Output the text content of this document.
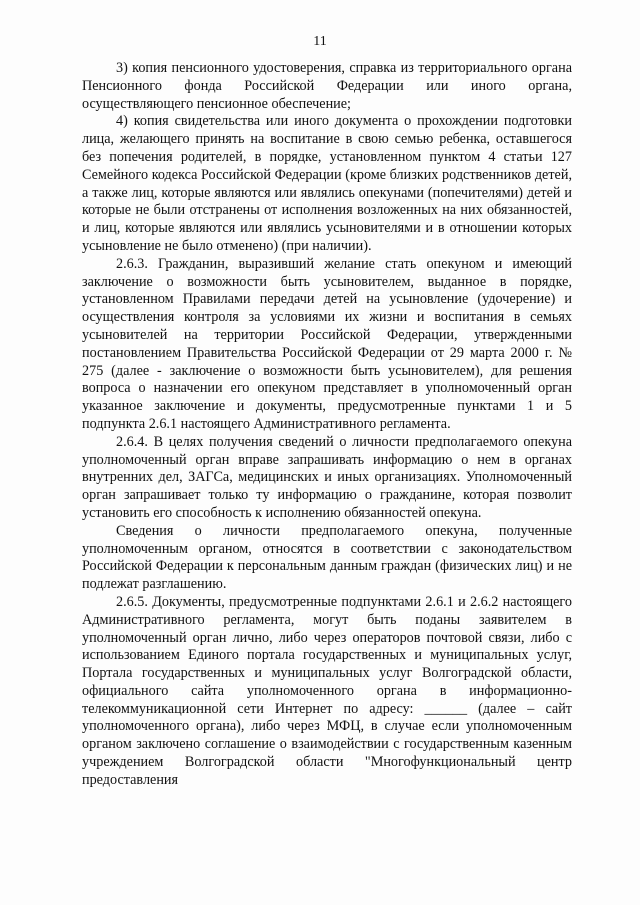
11

3) копия пенсионного удостоверения, справка из территориального органа Пенсионного фонда Российской Федерации или иного органа, осуществляющего пенсионное обеспечение;

4) копия свидетельства или иного документа о прохождении подготовки лица, желающего принять на воспитание в свою семью ребенка, оставшегося без попечения родителей, в порядке, установленном пунктом 4 статьи 127 Семейного кодекса Российской Федерации (кроме близких родственников детей, а также лиц, которые являются или являлись опекунами (попечителями) детей и которые не были отстранены от исполнения возложенных на них обязанностей, и лиц, которые являются или являлись усыновителями и в отношении которых усыновление не было отменено) (при наличии).

2.6.3. Гражданин, выразивший желание стать опекуном и имеющий заключение о возможности быть усыновителем, выданное в порядке, установленном Правилами передачи детей на усыновление (удочерение) и осуществления контроля за условиями их жизни и воспитания в семьях усыновителей на территории Российской Федерации, утвержденными постановлением Правительства Российской Федерации от 29 марта 2000 г. № 275 (далее - заключение о возможности быть усыновителем), для решения вопроса о назначении его опекуном представляет в уполномоченный орган указанное заключение и документы, предусмотренные пунктами 1 и 5 подпункта 2.6.1 настоящего Административного регламента.

2.6.4. В целях получения сведений о личности предполагаемого опекуна уполномоченный орган вправе запрашивать информацию о нем в органах внутренних дел, ЗАГСа, медицинских и иных организациях. Уполномоченный орган запрашивает только ту информацию о гражданине, которая позволит установить его способность к исполнению обязанностей опекуна.

Сведения о личности предполагаемого опекуна, полученные уполномоченным органом, относятся в соответствии с законодательством Российской Федерации к персональным данным граждан (физических лиц) и не подлежат разглашению.

2.6.5. Документы, предусмотренные подпунктами 2.6.1 и 2.6.2 настоящего Административного регламента, могут быть поданы заявителем в уполномоченный орган лично, либо через операторов почтовой связи, либо с использованием Единого портала государственных и муниципальных услуг, Портала государственных и муниципальных услуг Волгоградской области, официального сайта уполномоченного органа в информационно-телекоммуникационной сети Интернет по адресу: ______ (далее – сайт уполномоченного органа), либо через МФЦ, в случае если уполномоченным органом заключено соглашение о взаимодействии с государственным казенным учреждением Волгоградской области "Многофункциональный центр предоставления
